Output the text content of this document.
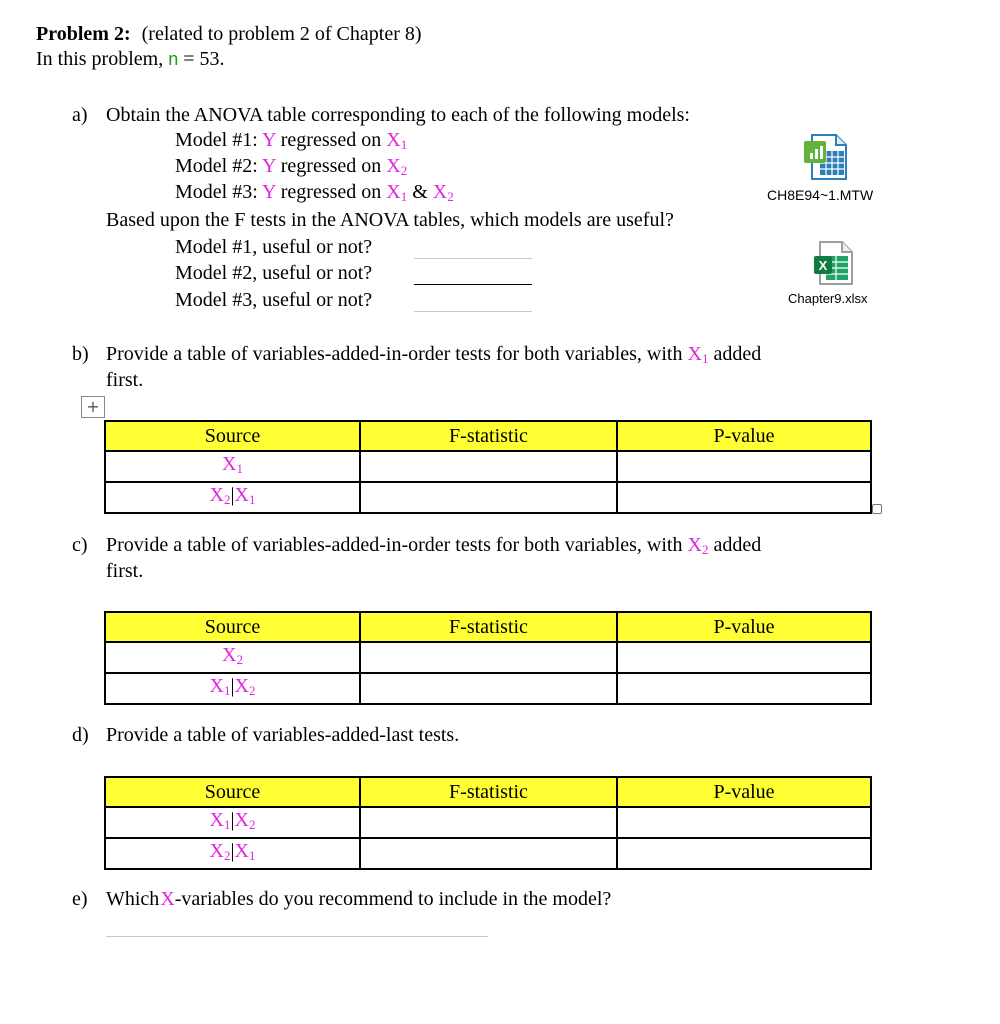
Problem 2: (related to problem 2 of Chapter 8)
In this problem, n = 53.
a) Obtain the ANOVA table corresponding to each of the following models:
Model #1: Y regressed on $X_1$
Model #2: Y regressed on $X_2$
Model #3: Y regressed on $X_1$ & $X_2$
Based upon the F tests in the ANOVA tables, which models are useful?
Model #1, useful or not?
Model #2, useful or not?
Model #3, useful or not?
CH8E94~1.MTW
X
Chapter9.xlsx
b) Provide a table of variables-added-in-order tests for both variables, with $X_1$ added
first.
+
Source	F-statistic	P-value
$X_1$		
$X_2|X_1$		
c) Provide a table of variables-added-in-order tests for both variables, with $X_2$ added
first.
Source	F-statistic	P-value
$X_2$		
$X_1|X_2$		
d) Provide a table of variables-added-last tests.
Source	F-statistic	P-value
$X_1|X_2$		
$X_2|X_1$		
e) Which X-variables do you recommend to include in the model?
